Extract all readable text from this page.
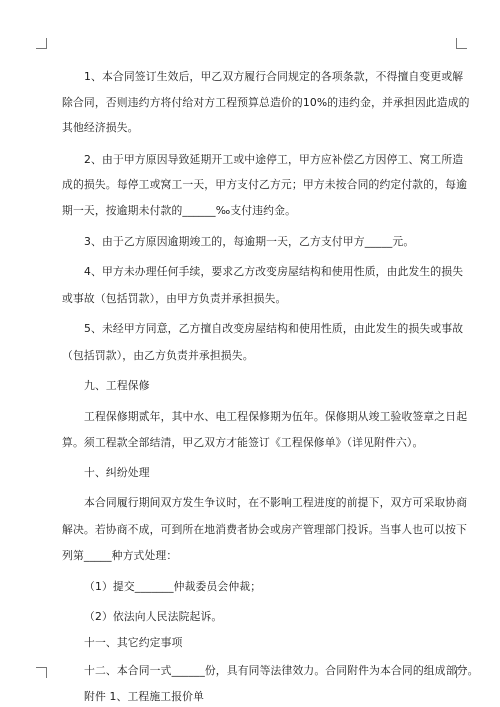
1、本合同签订生效后，甲乙双方履行合同规定的各项条款，不得擅自变更或解
除合同，否则违约方将付给对方工程预算总造价的10%的违约金，并承担因此造成的
其他经济损失。
2、由于甲方原因导致延期开工或中途停工，甲方应补偿乙方因停工、窝工所造
成的损失。每停工或窝工一天，甲方支付乙方元；甲方未按合同的约定付款的，每逾
期一天，按逾期未付款的______‰支付违约金。
3、由于乙方原因逾期竣工的，每逾期一天，乙方支付甲方_____元。
4、甲方未办理任何手续，要求乙方改变房屋结构和使用性质，由此发生的损失
或事故（包括罚款），由甲方负责并承担损失。
5、未经甲方同意，乙方擅自改变房屋结构和使用性质，由此发生的损失或事故
（包括罚款），由乙方负责并承担损失。
九、工程保修
工程保修期贰年，其中水、电工程保修期为伍年。保修期从竣工验收签章之日起
算。须工程款全部结清，甲乙双方才能签订《工程保修单》（详见附件六）。
十、纠纷处理
本合同履行期间双方发生争议时，在不影响工程进度的前提下，双方可采取协商
解决。若协商不成，可到所在地消费者协会或房产管理部门投诉。当事人也可以按下
列第_____种方式处理：
（1）提交_______仲裁委员会仲裁；
（2）依法向人民法院起诉。
十一、其它约定事项
十二、本合同一式______份，具有同等法律效力。合同附件为本合同的组成部分。
附件 1、工程施工报价单
